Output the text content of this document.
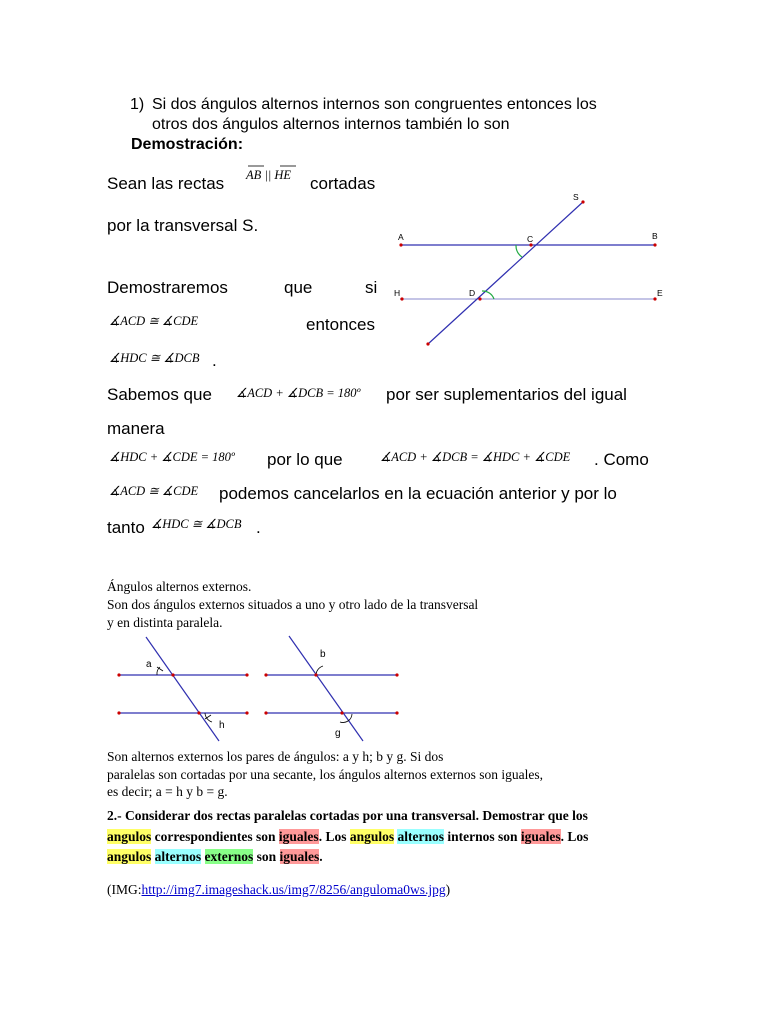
1) Si dos ángulos alternos internos son congruentes entonces los
otros dos ángulos alternos internos también lo son
Demostración:
Sean las rectas AB || HE cortadas
por la transversal S.
Demostraremos	que	si
∡ACD ≅ ∡CDE	entonces
∡HDC ≅ ∡DCB .
S
A	C	B
H	D	E
Sabemos que ∡ACD + ∡DCB = 180º por ser suplementarios del igual
manera
∡HDC + ∡CDE = 180º por lo que	∡ACD + ∡DCB = ∡HDC + ∡CDE . Como
∡ACD ≅ ∡CDE podemos cancelarlos en la ecuación anterior y por lo
tanto ∡HDC ≅ ∡DCB .
Ángulos alternos externos.
Son dos ángulos externos situados a uno y otro lado de la transversal
y en distinta paralela.
a
h
b
g
Son alternos externos los pares de ángulos: a y h; b y g. Si dos
paralelas son cortadas por una secante, los ángulos alternos externos son iguales,
es decir; a = h y b = g.
2.- Considerar dos rectas paralelas cortadas por una transversal. Demostrar que los
angulos correspondientes son iguales. Los angulos alternos internos son iguales. Los
angulos alternos externos son iguales.
(IMG:http://img7.imageshack.us/img7/8256/anguloma0ws.jpg)
